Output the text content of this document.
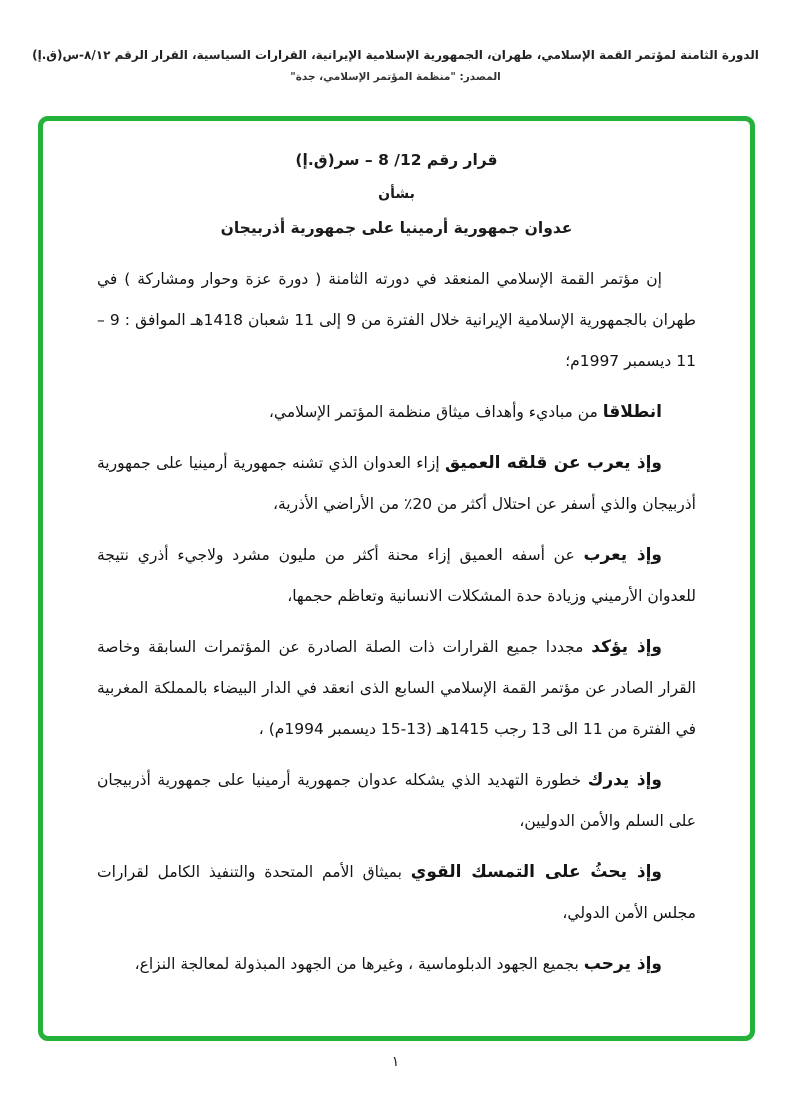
الدورة الثامنة لمؤتمر القمة الإسلامي، طهران، الجمهورية الإسلامية الإيرانية، القرارات السياسية، القرار الرقم ٨/١٢-س(ق.إ)
المصدر: "منظمة المؤتمر الإسلامي، جدة"
قرار رقم 12/ 8 – سر(ق.إ)
بشأن
عدوان جمهورية أرمينيا على جمهورية أذربيجان

إن مؤتمر القمة الإسلامي المنعقد في دورته الثامنة ( دورة عزة وحوار ومشاركة ) في طهران بالجمهورية الإسلامية الإيرانية خلال الفترة من 9 إلى 11 شعبان 1418هـ الموافق : 9 – 11 ديسمبر 1997م؛

انطلاقا من مباديء وأهداف ميثاق منظمة المؤتمر الإسلامي،

وإذ يعرب عن قلقه العميق إزاء العدوان الذي تشنه جمهورية أرمينيا على جمهورية أذربيجان والذي أسفر عن احتلال أكثر من 20٪ من الأراضي الأذرية،

وإذ يعرب عن أسفه العميق إزاء محنة أكثر من مليون مشرد ولاجيء أذري نتيجة للعدوان الأرميني وزيادة حدة المشكلات الانسانية وتعاظم حجمها،

وإذ يؤكد مجددا جميع القرارات ذات الصلة الصادرة عن المؤتمرات السابقة وخاصة القرار الصادر عن مؤتمر القمة الإسلامي السابع الذى انعقد في الدار البيضاء بالمملكة المغربية في الفترة من 11 الى 13 رجب 1415هـ (13-15 ديسمبر 1994م) ،

وإذ يدرك خطورة التهديد الذي يشكله عدوان جمهورية أرمينيا على جمهورية أذربيجان على السلم والأمن الدوليين،

وإذ يحثُ على التمسك القوي بميثاق الأمم المتحدة والتنفيذ الكامل لقرارات مجلس الأمن الدولي،

وإذ يرحب بجميع الجهود الدبلوماسية ، وغيرها من الجهود المبذولة لمعالجة النزاع،

١
